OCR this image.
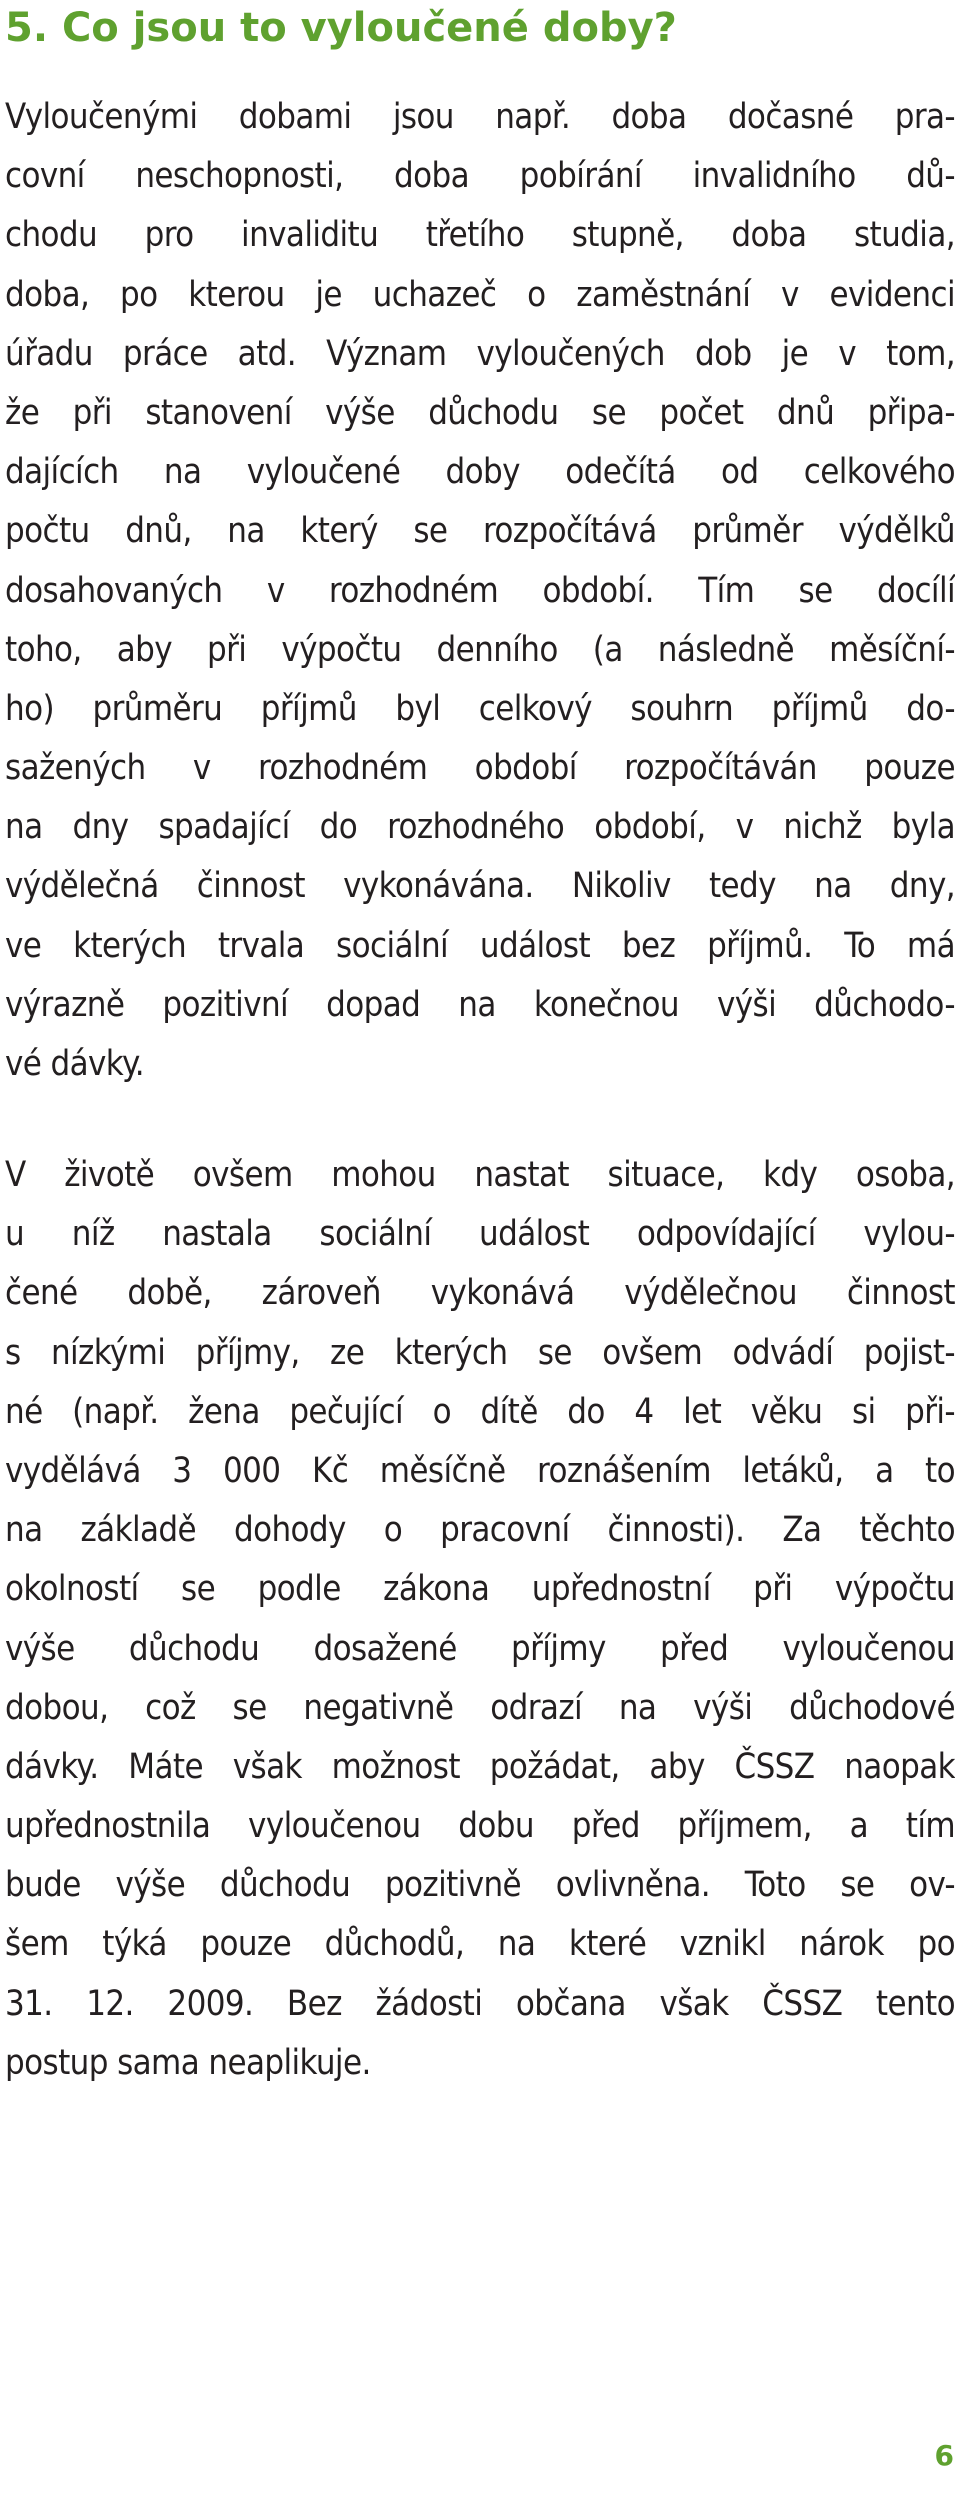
5. Co jsou to vyloučené doby?
Vyloučenými dobami jsou např. doba dočasné pra-
covní neschopnosti, doba pobírání invalidního dů-
chodu pro invaliditu třetího stupně, doba studia,
doba, po kterou je uchazeč o zaměstnání v evidenci
úřadu práce atd. Význam vyloučených dob je v tom,
že při stanovení výše důchodu se počet dnů připa-
dajících na vyloučené doby odečítá od celkového
počtu dnů, na který se rozpočítává průměr výdělků
dosahovaných v rozhodném období. Tím se docílí
toho, aby při výpočtu denního (a následně měsíční-
ho) průměru příjmů byl celkový souhrn příjmů do-
sažených v rozhodném období rozpočítáván pouze
na dny spadající do rozhodného období, v nichž byla
výdělečná činnost vykonávána. Nikoliv tedy na dny,
ve kterých trvala sociální událost bez příjmů. To má
výrazně pozitivní dopad na konečnou výši důchodo-
vé dávky.
V životě ovšem mohou nastat situace, kdy osoba,
u níž nastala sociální událost odpovídající vylou-
čené době, zároveň vykonává výdělečnou činnost
s nízkými příjmy, ze kterých se ovšem odvádí pojist-
né (např. žena pečující o dítě do 4 let věku si při-
vydělává 3 000 Kč měsíčně roznášením letáků, a to
na základě dohody o pracovní činnosti). Za těchto
okolností se podle zákona upřednostní při výpočtu
výše důchodu dosažené příjmy před vyloučenou
dobou, což se negativně odrazí na výši důchodové
dávky. Máte však možnost požádat, aby ČSSZ naopak
upřednostnila vyloučenou dobu před příjmem, a tím
bude výše důchodu pozitivně ovlivněna. Toto se ov-
šem týká pouze důchodů, na které vznikl nárok po
31. 12. 2009. Bez žádosti občana však ČSSZ tento
postup sama neaplikuje.
6
